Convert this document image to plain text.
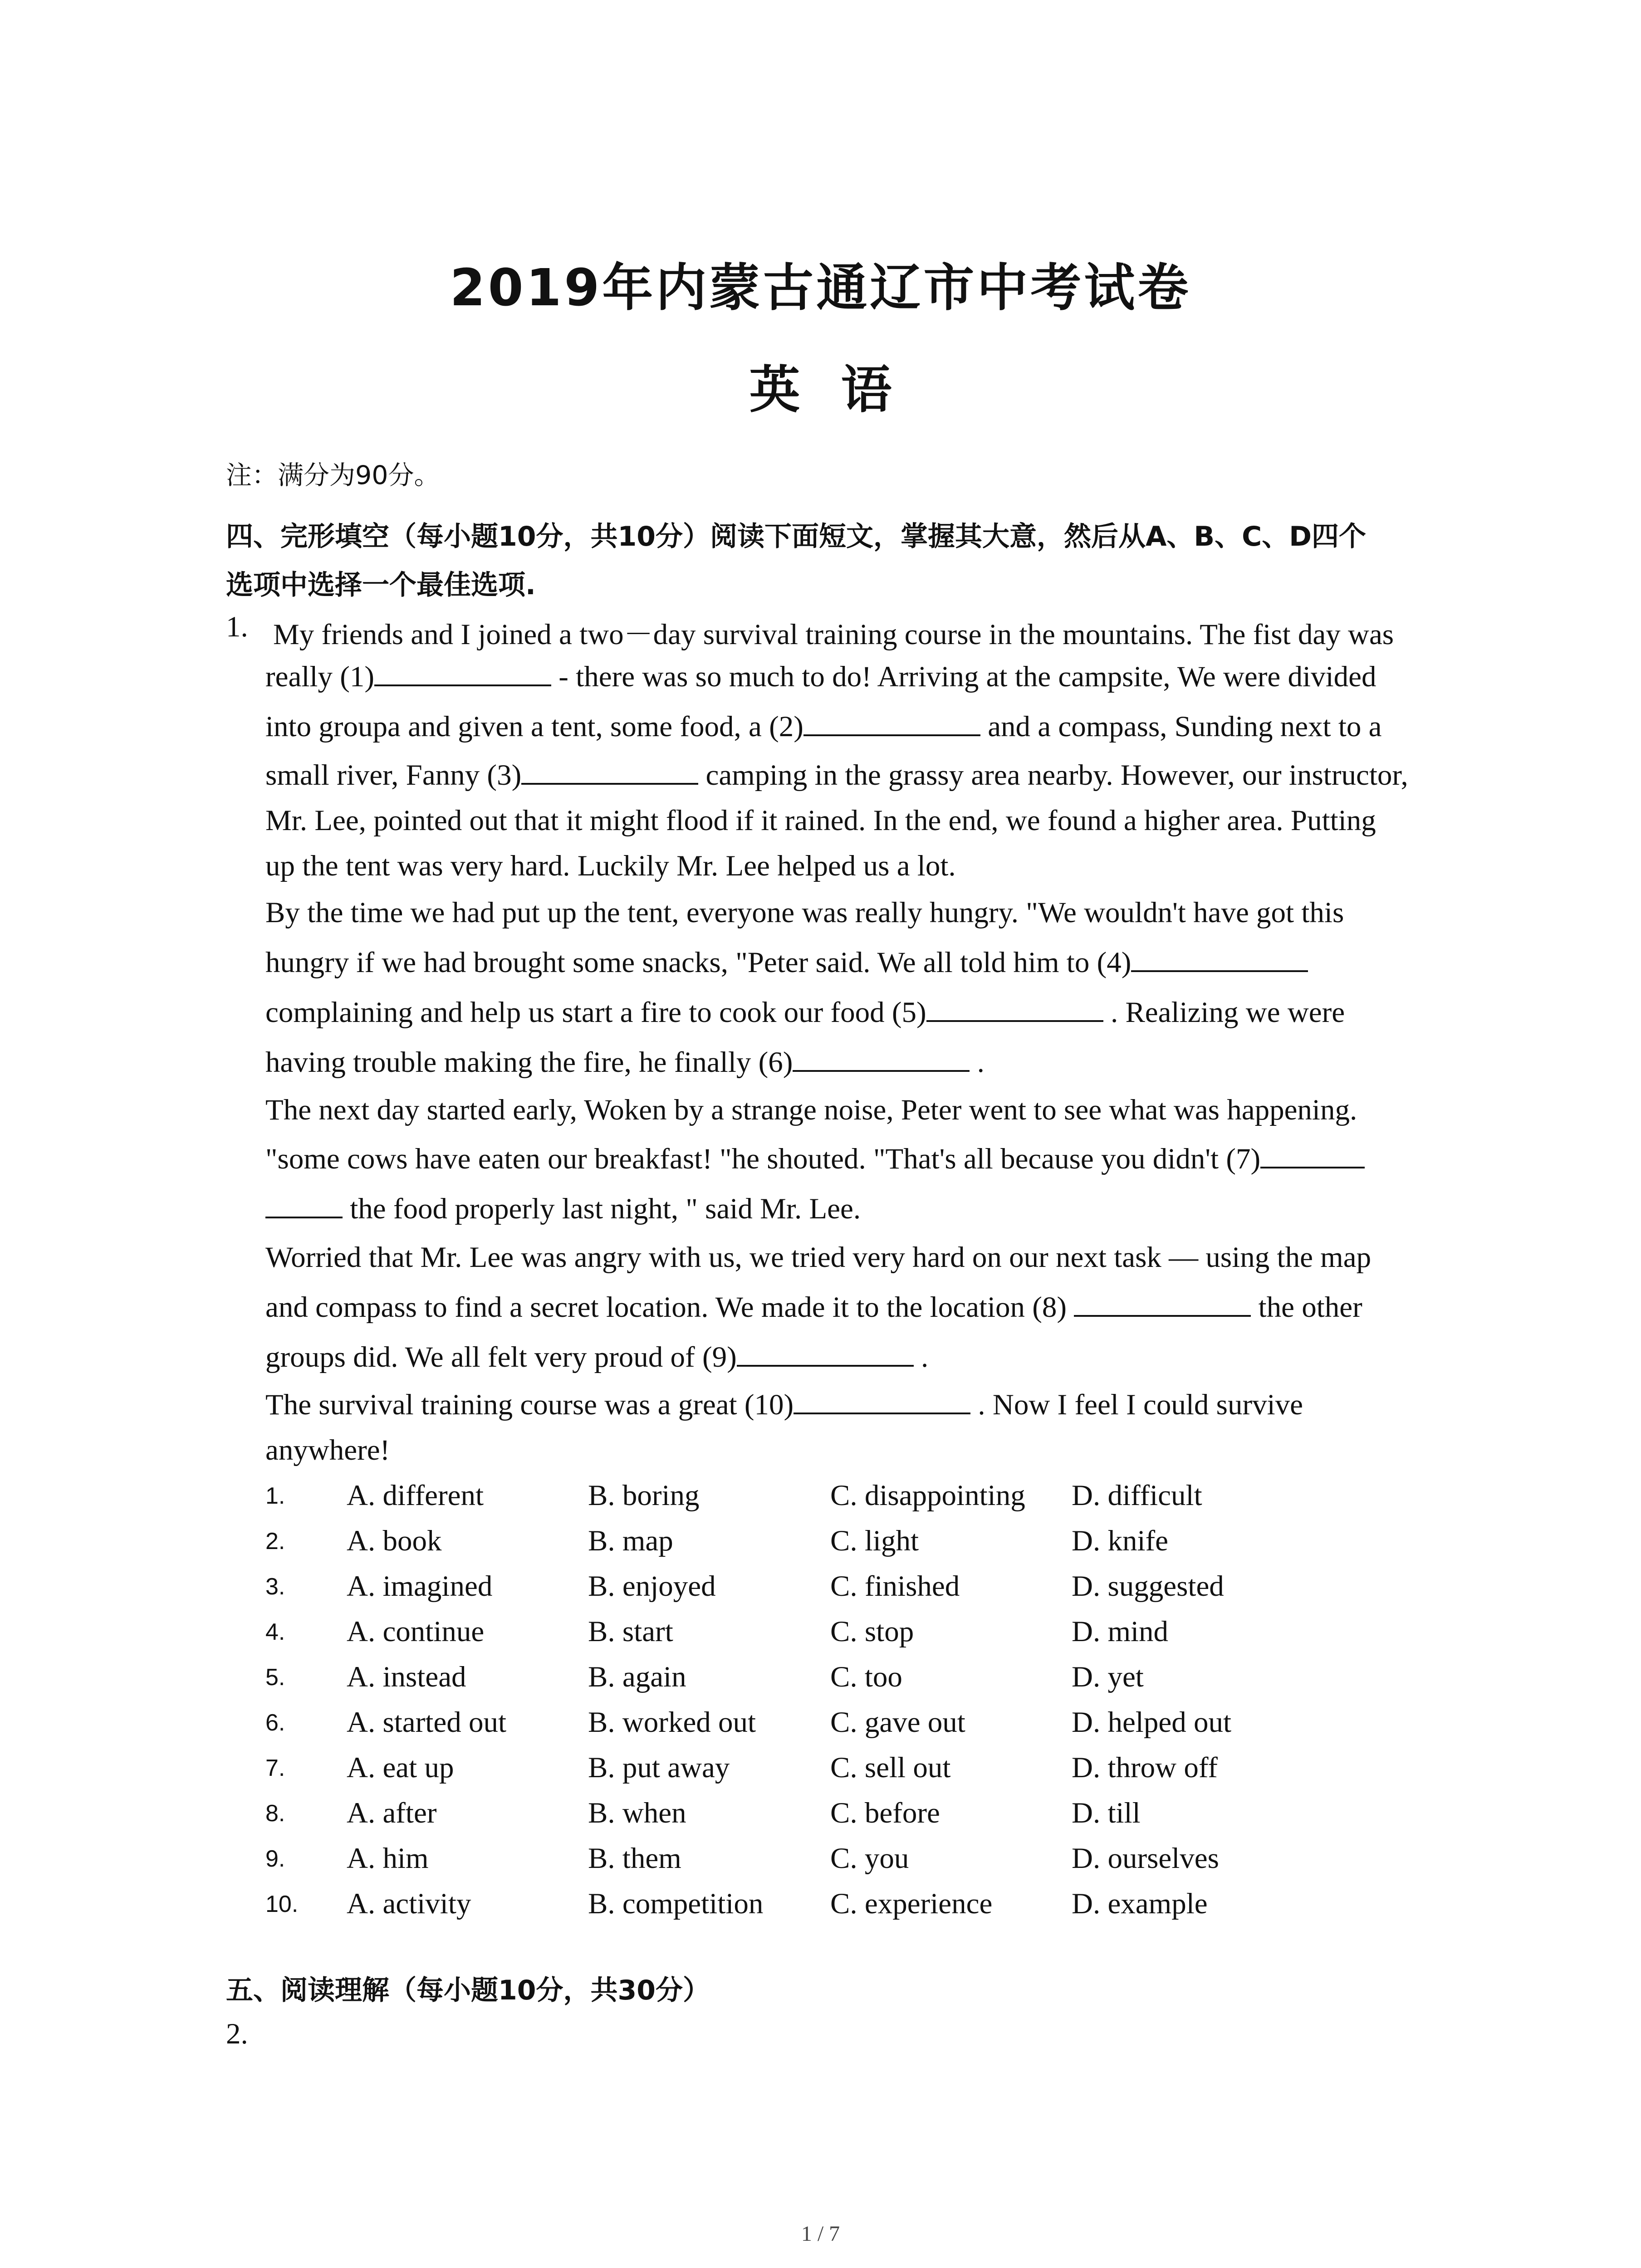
2019年内蒙古通辽市中考试卷
英语
注：满分为90分。
四、完形填空（每小题10分，共10分）阅读下面短文，掌握其大意，然后从A、B、C、D四个
选项中选择一个最佳选项.
1. My friends and I joined a two－day survival training course in the mountains. The fist day was
really (1)	- there was so much to do! Arriving at the campsite, We were divided
into groupa and given a tent, some food, a (2)	and a compass, Sunding next to a
small river, Fanny (3)	camping in the grassy area nearby. However, our instructor,
Mr. Lee, pointed out that it might flood if it rained. In the end, we found a higher area. Putting
up the tent was very hard. Luckily Mr. Lee helped us a lot.
By the time we had put up the tent, everyone was really hungry. "We wouldn't have got this
hungry if we had brought some snacks, "Peter said. We all told him to (4)
complaining and help us start a fire to cook our food (5)	. Realizing we were
having trouble making the fire, he finally (6)	.
The next day started early, Woken by a strange noise, Peter went to see what was happening.
"some cows have eaten our breakfast! "he shouted. "That's all because you didn't (7)
the food properly last night, " said Mr. Lee.
Worried that Mr. Lee was angry with us, we tried very hard on our next task — using the map
and compass to find a secret location. We made it to the location (8)	the other
groups did. We all felt very proud of (9)	.
The survival training course was a great (10)	. Now I feel I could survive
anywhere!
1. A. different	B. boring	C. disappointing D. difficult
2. A. book	B. map	C. light	D. knife
3. A. imagined	B. enjoyed	C. finished	D. suggested
4. A. continue	B. start	C. stop	D. mind
5. A. instead	B. again	C. too	D. yet
6. A. started out	B. worked out	C. gave out	D. helped out
7. A. eat up	B. put away	C. sell out	D. throw off
8. A. after	B. when	C. before	D. till
9. A. him	B. them	C. you	D. ourselves
10. A. activity	B. competition C. experience	D. example
五、阅读理解（每小题10分，共30分）
2.
1 / 7
